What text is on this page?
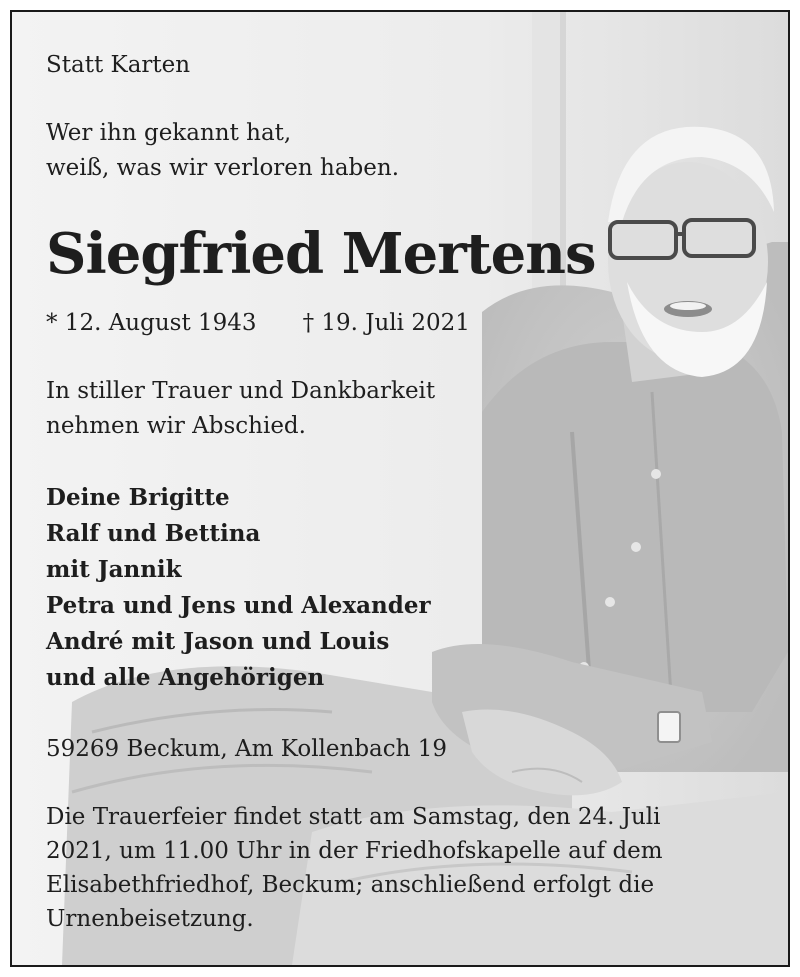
Statt Karten

Wer ihn gekannt hat,

weiß, was wir verloren haben.

Siegfried Mertens

* 12. August 1943 † 19. Juli 2021

In stiller Trauer und Dankbarkeit

nehmen wir Abschied.

Deine Brigitte

Ralf und Bettina

mit Jannik

Petra und Jens und Alexander

André mit Jason und Louis

und alle Angehörigen

59269 Beckum, Am Kollenbach 19

Die Trauerfeier findet statt am Samstag, den 24. Juli

2021, um 11.00 Uhr in der Friedhofskapelle auf dem

Elisabethfriedhof, Beckum; anschließend erfolgt die

Urnenbeisetzung.
